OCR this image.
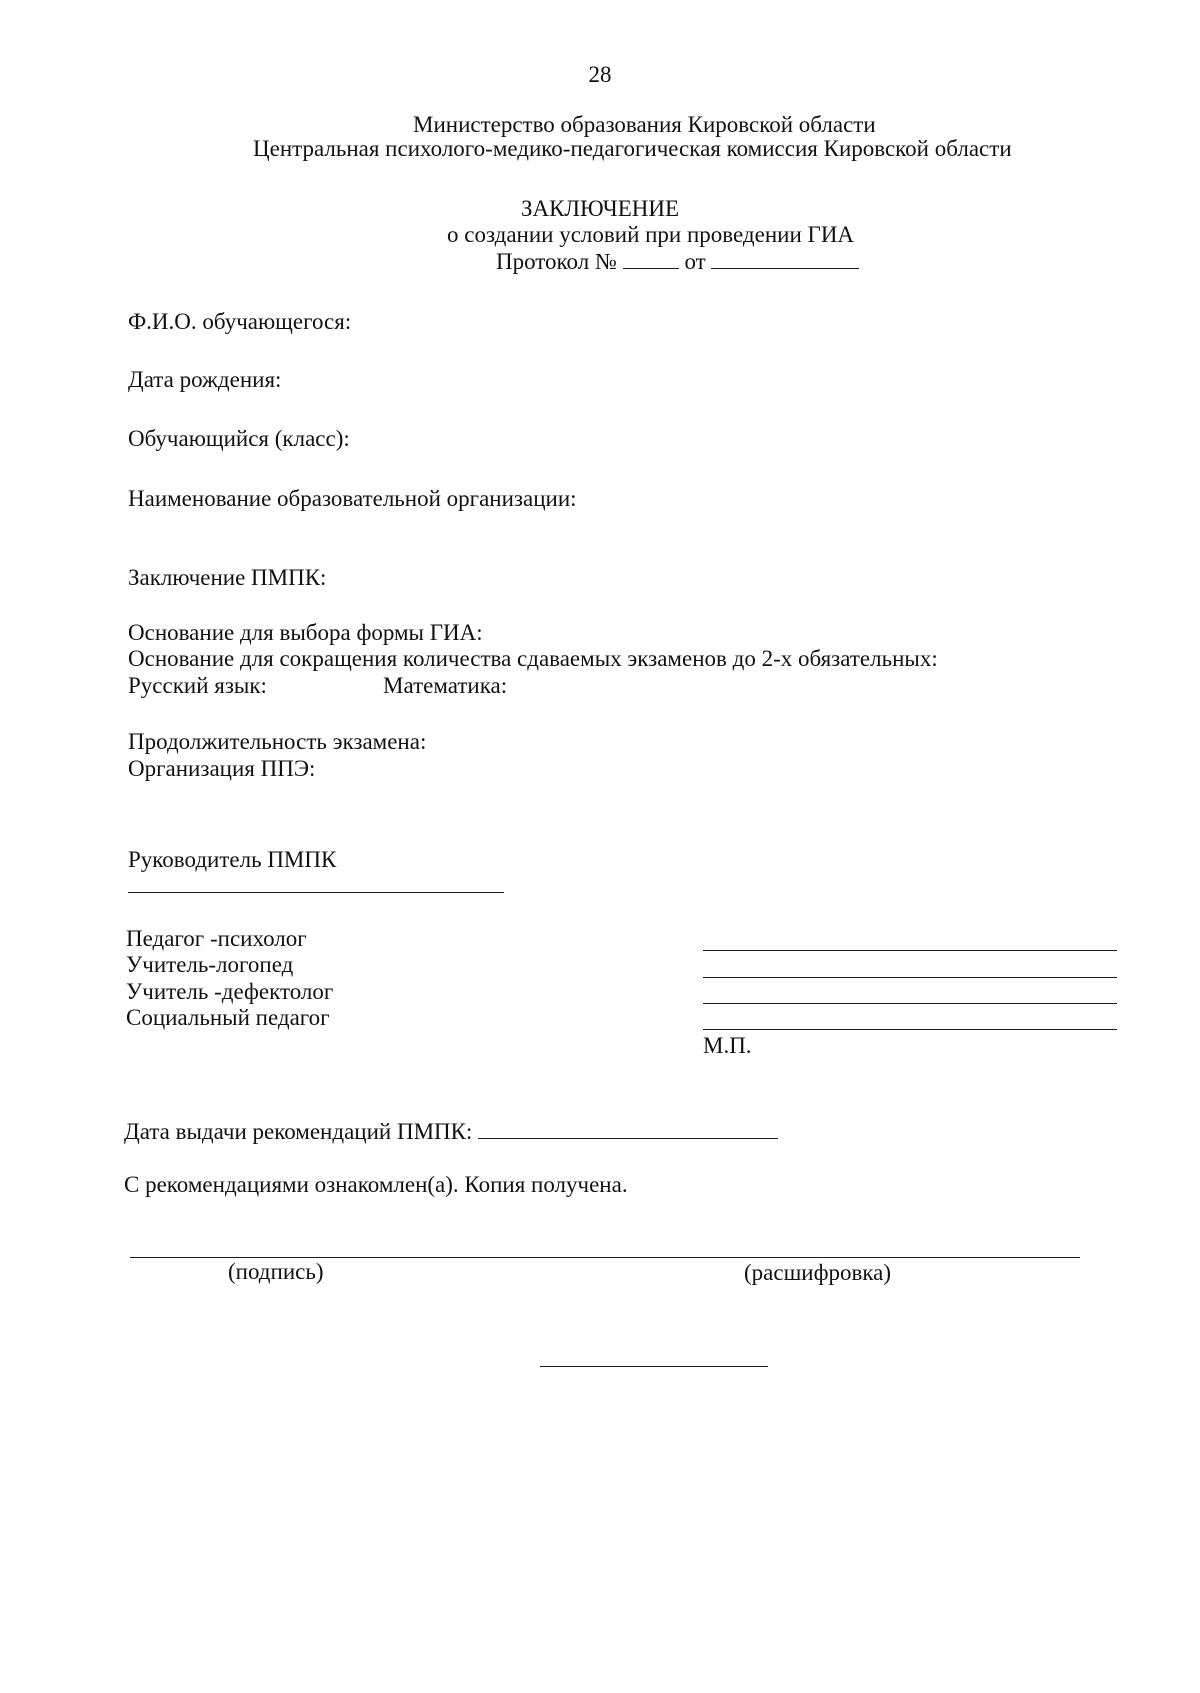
28
Министерство образования Кировской области
Центральная психолого-медико-педагогическая комиссия Кировской области
ЗАКЛЮЧЕНИЕ
о создании условий при проведении ГИА
Протокол №	от
Ф.И.О. обучающегося:
Дата рождения:
Обучающийся (класс):
Наименование образовательной организации:
Заключение ПМПК:
Основание для выбора формы ГИА:
Основание для сокращения количества сдаваемых экзаменов до 2-х обязательных:
Русский язык:	Математика:
Продолжительность экзамена:
Организация ППЭ:
Руководитель ПМПК
Педагог -психолог
Учитель-логопед
Учитель -дефектолог
Социальный педагог
М.П.
Дата выдачи рекомендаций ПМПК:
С рекомендациями ознакомлен(а). Копия получена.
(подпись)	(расшифровка)
